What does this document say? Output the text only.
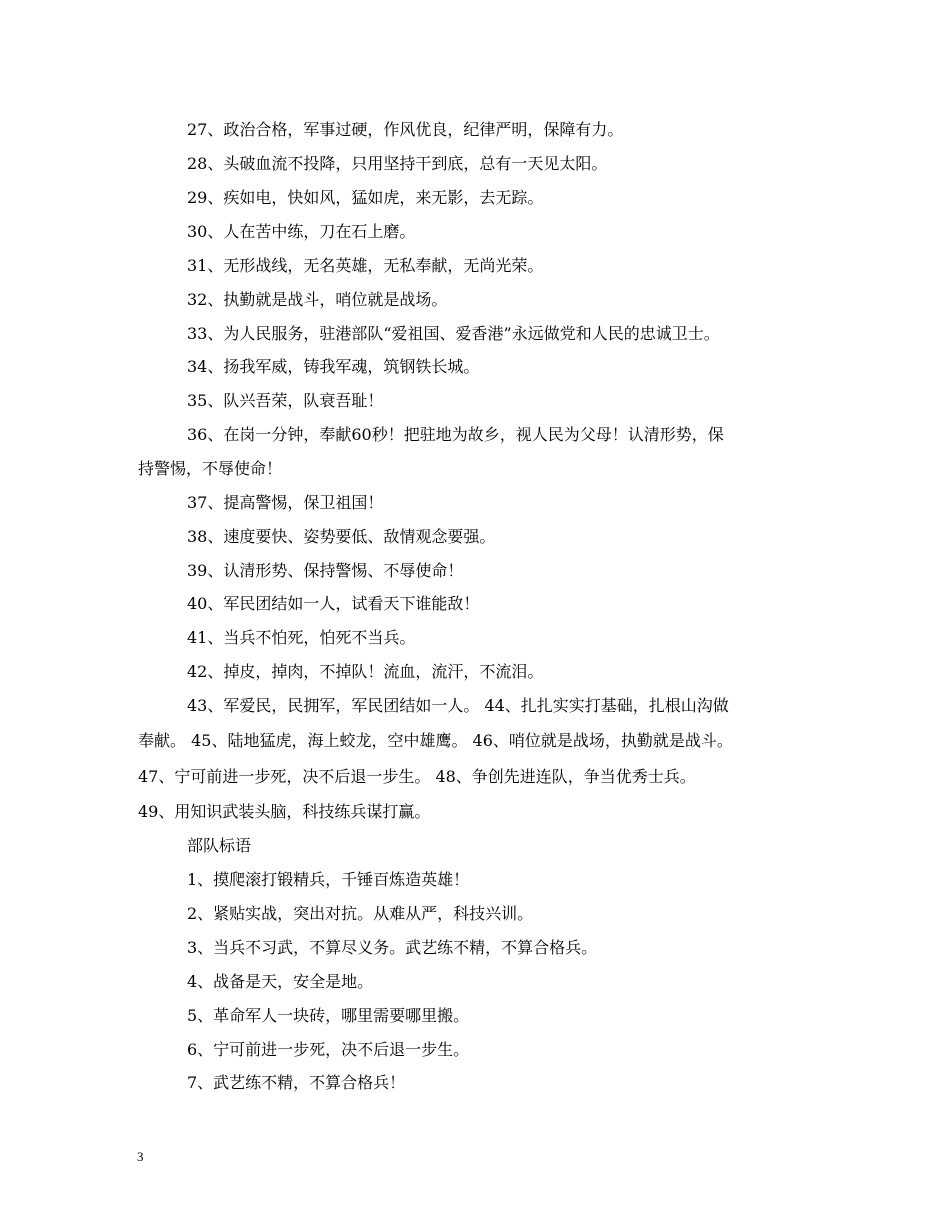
27、政治合格，军事过硬，作风优良，纪律严明，保障有力。
28、头破血流不投降，只用坚持干到底，总有一天见太阳。
29、疾如电，快如风，猛如虎，来无影，去无踪。
30、人在苦中练，刀在石上磨。
31、无形战线，无名英雄，无私奉献，无尚光荣。
32、执勤就是战斗，哨位就是战场。
33、为人民服务，驻港部队“爱祖国、爱香港”永远做党和人民的忠诚卫士。
34、扬我军威，铸我军魂，筑钢铁长城。
35、队兴吾荣，队衰吾耻！
36、在岗一分钟，奉献60秒！把驻地为故乡，视人民为父母！认清形势，保
持警惕，不辱使命！
37、提高警惕，保卫祖国！
38、速度要快、姿势要低、敌情观念要强。
39、认清形势、保持警惕、不辱使命！
40、军民团结如一人，试看天下谁能敌！
41、当兵不怕死，怕死不当兵。
42、掉皮，掉肉，不掉队！流血，流汗，不流泪。
43、军爱民，民拥军，军民团结如一人。 44、扎扎实实打基础，扎根山沟做
奉献。 45、陆地猛虎，海上蛟龙，空中雄鹰。 46、哨位就是战场，执勤就是战斗。
47、宁可前进一步死，决不后退一步生。 48、争创先进连队，争当优秀士兵。
49、用知识武装头脑，科技练兵谋打赢。
部队标语
1、摸爬滚打锻精兵，千锤百炼造英雄！
2、紧贴实战，突出对抗。从难从严，科技兴训。
3、当兵不习武，不算尽义务。武艺练不精，不算合格兵。
4、战备是天，安全是地。
5、革命军人一块砖，哪里需要哪里搬。
6、宁可前进一步死，决不后退一步生。
7、武艺练不精，不算合格兵！
3
